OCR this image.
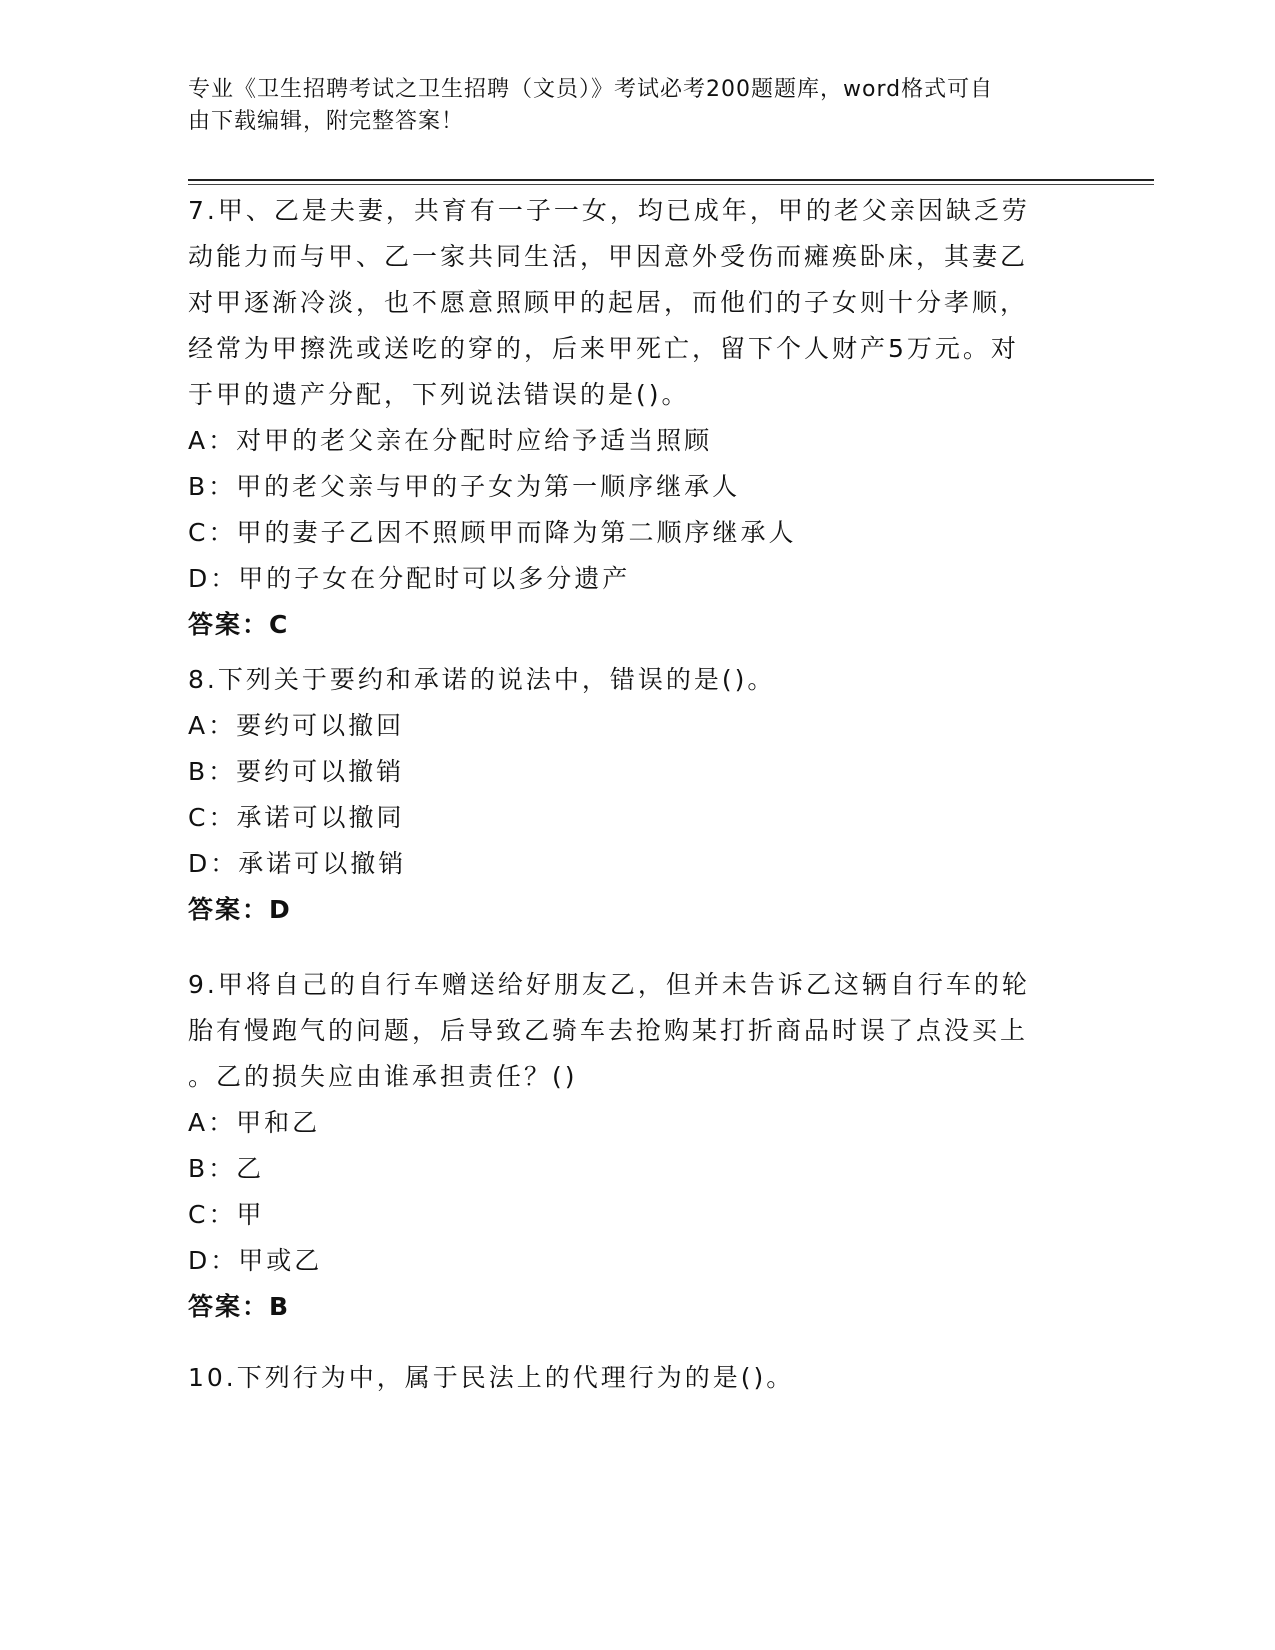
专业《卫生招聘考试之卫生招聘（文员）》考试必考200题题库，word格式可自
由下载编辑，附完整答案！

7.甲、乙是夫妻，共育有一子一女，均已成年，甲的老父亲因缺乏劳

动能力而与甲、乙一家共同生活，甲因意外受伤而瘫痪卧床，其妻乙

对甲逐渐冷淡，也不愿意照顾甲的起居，而他们的子女则十分孝顺，

经常为甲擦洗或送吃的穿的，后来甲死亡，留下个人财产5万元。对

于甲的遗产分配，下列说法错误的是()。

A：对甲的老父亲在分配时应给予适当照顾

B：甲的老父亲与甲的子女为第一顺序继承人

C：甲的妻子乙因不照顾甲而降为第二顺序继承人

D：甲的子女在分配时可以多分遗产

答案：C

8.下列关于要约和承诺的说法中，错误的是()。

A：要约可以撤回

B：要约可以撤销

C：承诺可以撤同

D：承诺可以撤销

答案：D

9.甲将自己的自行车赠送给好朋友乙，但并未告诉乙这辆自行车的轮

胎有慢跑气的问题，后导致乙骑车去抢购某打折商品时误了点没买上

。乙的损失应由谁承担责任？()

A：甲和乙

B：乙

C：甲

D：甲或乙

答案：B

10.下列行为中，属于民法上的代理行为的是()。
